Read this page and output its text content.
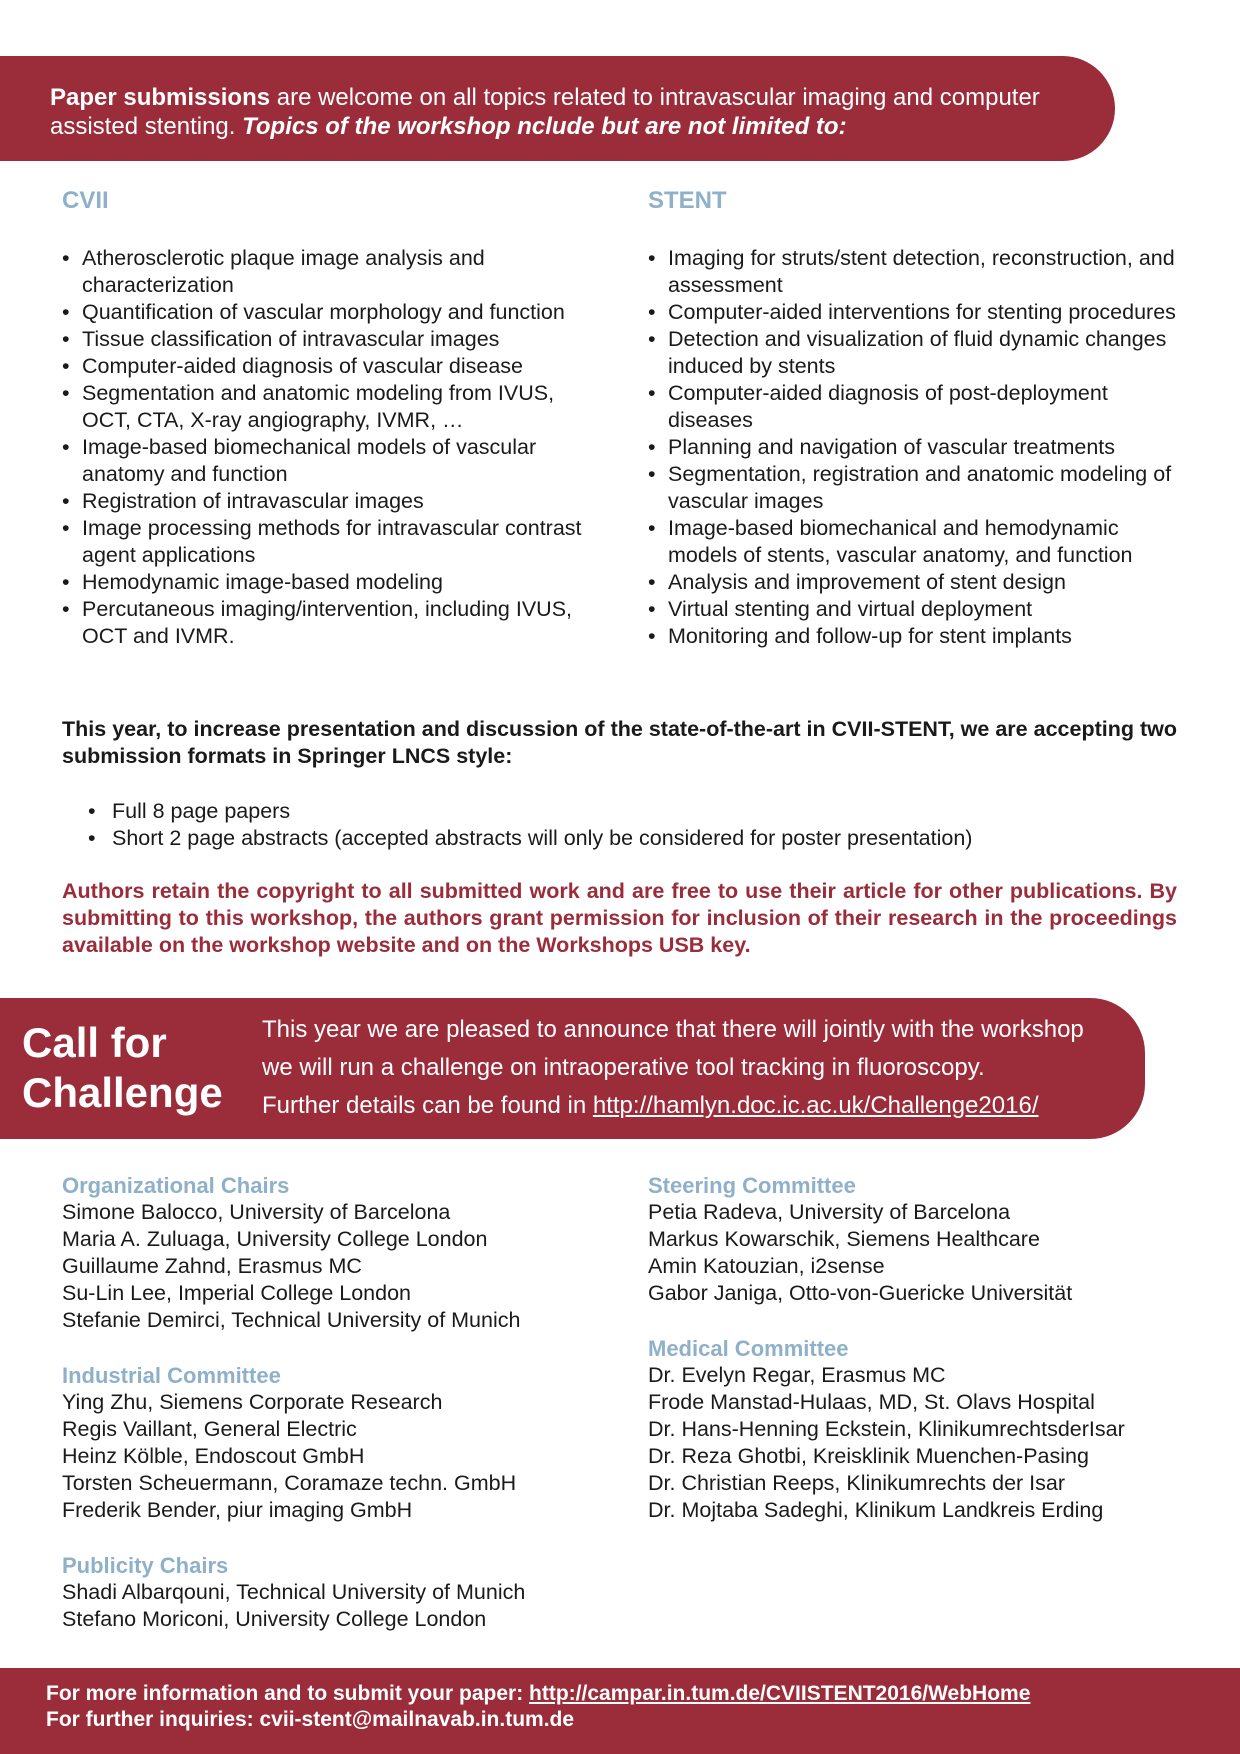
Paper submissions are welcome on all topics related to intravascular imaging and computer assisted stenting. Topics of the workshop nclude but are not limited to:
CVII
• Atherosclerotic plaque image analysis and characterization
• Quantification of vascular morphology and function
• Tissue classification of intravascular images
• Computer-aided diagnosis of vascular disease
• Segmentation and anatomic modeling from IVUS, OCT, CTA, X-ray angiography, IVMR, …
• Image-based biomechanical models of vascular anatomy and function
• Registration of intravascular images
• Image processing methods for intravascular contrast agent applications
• Hemodynamic image-based modeling
• Percutaneous imaging/intervention, including IVUS, OCT and IVMR.
STENT
• Imaging for struts/stent detection, reconstruction, and assessment
• Computer-aided interventions for stenting procedures
• Detection and visualization of fluid dynamic changes induced by stents
• Computer-aided diagnosis of post-deployment diseases
• Planning and navigation of vascular treatments
• Segmentation, registration and anatomic modeling of vascular images
• Image-based biomechanical and hemodynamic models of stents, vascular anatomy, and function
• Analysis and improvement of stent design
• Virtual stenting and virtual deployment
• Monitoring and follow-up for stent implants
This year, to increase presentation and discussion of the state-of-the-art in CVII-STENT, we are accepting two submission formats in Springer LNCS style:
• Full 8 page papers
• Short 2 page abstracts (accepted abstracts will only be considered for poster presentation)
Authors retain the copyright to all submitted work and are free to use their article for other publications. By submitting to this workshop, the authors grant permission for inclusion of their research in the proceedings available on the workshop website and on the Workshops USB key.
Call for
Challenge
This year we are pleased to announce that there will jointly with the workshop
we will run a challenge on intraoperative tool tracking in fluoroscopy.
Further details can be found in http://hamlyn.doc.ic.ac.uk/Challenge2016/
Organizational Chairs
Simone Balocco, University of Barcelona
Maria A. Zuluaga, University College London
Guillaume Zahnd, Erasmus MC
Su-Lin Lee, Imperial College London
Stefanie Demirci, Technical University of Munich
Industrial Committee
Ying Zhu, Siemens Corporate Research
Regis Vaillant, General Electric
Heinz Kölble, Endoscout GmbH
Torsten Scheuermann, Coramaze techn. GmbH
Frederik Bender, piur imaging GmbH
Publicity Chairs
Shadi Albarqouni, Technical University of Munich
Stefano Moriconi, University College London
Steering Committee
Petia Radeva, University of Barcelona
Markus Kowarschik, Siemens Healthcare
Amin Katouzian, i2sense
Gabor Janiga, Otto-von-Guericke Universität
Medical Committee
Dr. Evelyn Regar, Erasmus MC
Frode Manstad-Hulaas, MD, St. Olavs Hospital
Dr. Hans-Henning Eckstein, KlinikumrechtsderIsar
Dr. Reza Ghotbi, Kreisklinik Muenchen-Pasing
Dr. Christian Reeps, Klinikumrechts der Isar
Dr. Mojtaba Sadeghi, Klinikum Landkreis Erding
For more information and to submit your paper: http://campar.in.tum.de/CVIISTENT2016/WebHome
For further inquiries: cvii-stent@mailnavab.in.tum.de
